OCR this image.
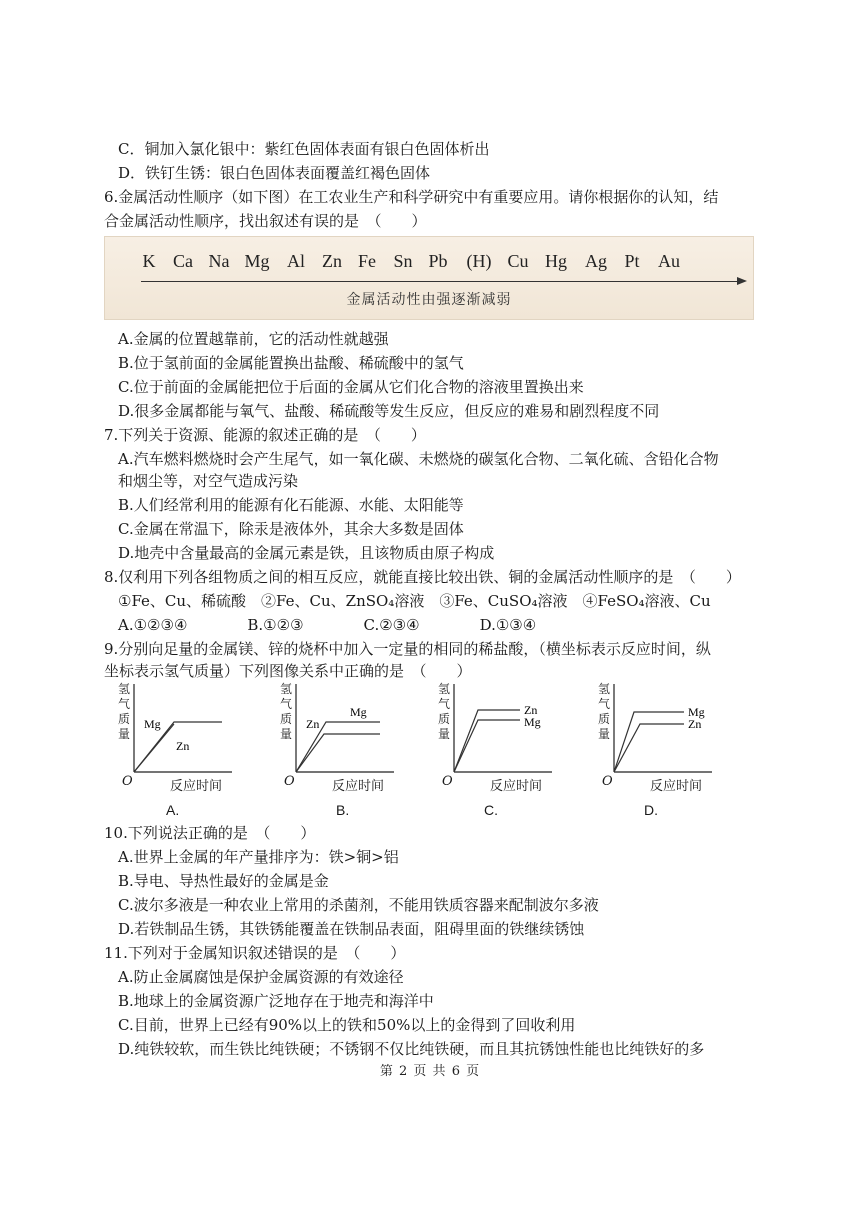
C．铜加入氯化银中：紫红色固体表面有银白色固体析出
D．铁钉生锈：银白色固体表面覆盖红褐色固体
6.金属活动性顺序（如下图）在工农业生产和科学研究中有重要应用。请你根据你的认知，结
合金属活动性顺序，找出叙述有误的是　（　　）
K Ca Na Mg Al Zn Fe Sn Pb (H) Cu Hg Ag Pt Au
金属活动性由强逐渐减弱
A.金属的位置越靠前，它的活动性就越强
B.位于氢前面的金属能置换出盐酸、稀硫酸中的氢气
C.位于前面的金属能把位于后面的金属从它们化合物的溶液里置换出来
D.很多金属都能与氧气、盐酸、稀硫酸等发生反应，但反应的难易和剧烈程度不同
7.下列关于资源、能源的叙述正确的是　（　　）
A.汽车燃料燃烧时会产生尾气，如一氧化碳、未燃烧的碳氢化合物、二氧化硫、含铅化合物
和烟尘等，对空气造成污染
B.人们经常利用的能源有化石能源、水能、太阳能等
C.金属在常温下，除汞是液体外，其余大多数是固体
D.地壳中含量最高的金属元素是铁，且该物质由原子构成
8.仅利用下列各组物质之间的相互反应，就能直接比较出铁、铜的金属活动性顺序的是　（　　）
①Fe、Cu、稀硫酸　②Fe、Cu、ZnSO₄溶液　③Fe、CuSO₄溶液　④FeSO₄溶液、Cu
A.①②③④　　　　B.①②③　　　　C.②③④　　　　D.①③④
9.分别向足量的金属镁、锌的烧杯中加入一定量的相同的稀盐酸，（横坐标表示反应时间，纵
坐标表示氢气质量）下列图像关系中正确的是　（　　）
Mg
Zn
氢气质量
O	反应时间
A.
Zn
Mg
氢气质量
O	反应时间
B.
Zn
Mg
氢气质量
O	反应时间
C.
Mg
Zn
氢气质量
O	反应时间
D.
10.下列说法正确的是　（　　）
A.世界上金属的年产量排序为：铁>铜>铝
B.导电、导热性最好的金属是金
C.波尔多液是一种农业上常用的杀菌剂，不能用铁质容器来配制波尔多液
D.若铁制品生锈，其铁锈能覆盖在铁制品表面，阻碍里面的铁继续锈蚀
11.下列对于金属知识叙述错误的是　（　　）
A.防止金属腐蚀是保护金属资源的有效途径
B.地球上的金属资源广泛地存在于地壳和海洋中
C.目前，世界上已经有90%以上的铁和50%以上的金得到了回收利用
D.纯铁较软，而生铁比纯铁硬；不锈钢不仅比纯铁硬，而且其抗锈蚀性能也比纯铁好的多
第 2 页 共 6 页
